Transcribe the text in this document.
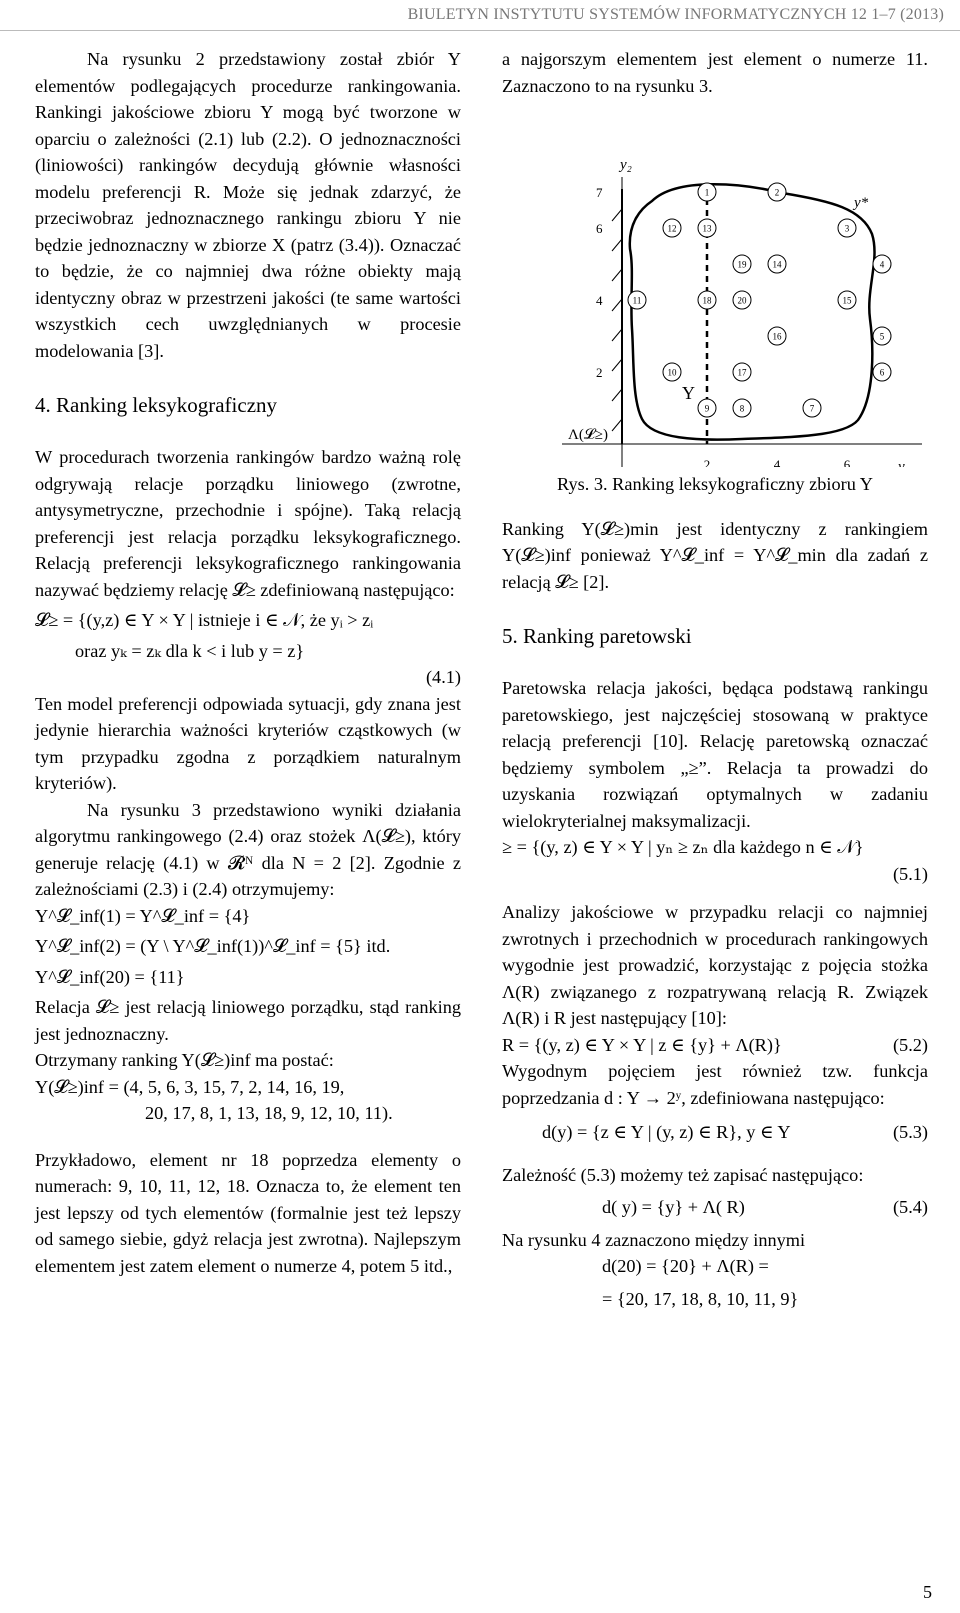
BIULETYN INSTYTUTU SYSTEMÓW INFORMATYCZNYCH 12 1–7 (2013)

Na rysunku 2 przedstawiony został zbiór Y elementów podlegających procedurze rankingowania. Rankingi jakościowe zbioru Y mogą być tworzone w oparciu o zależności (2.1) lub (2.2). O jednoznaczności (liniowości) rankingów decydują głównie własności modelu preferencji R. Może się jednak zdarzyć, że przeciwobraz jednoznacznego rankingu zbioru Y nie będzie jednoznaczny w zbiorze X (patrz (3.4)). Oznaczać to będzie, że co najmniej dwa różne obiekty mają identyczny obraz w przestrzeni jakości (te same wartości wszystkich cech uwzględnianych w procesie modelowania [3].

4. Ranking leksykograficzny

W procedurach tworzenia rankingów bardzo ważną rolę odgrywają relacje porządku liniowego (zwrotne, antysymetryczne, przechodnie i spójne). Taką relacją preferencji jest relacja porządku leksykograficznego. Relacją preferencji leksykograficznego rankingowania nazywać będziemy relację 𝓛≥ zdefiniowaną następująco:

𝓛≥ = {(y,z) ∈ Y × Y | istnieje i ∈ 𝒩, że yᵢ > zᵢ
oraz yₖ = zₖ dla k < i lub y = z}
(4.1)

Ten model preferencji odpowiada sytuacji, gdy znana jest jedynie hierarchia ważności kryteriów cząstkowych (w tym przypadku zgodna z porządkiem naturalnym kryteriów).

Na rysunku 3 przedstawiono wyniki działania algorytmu rankingowego (2.4) oraz stożek Λ(𝓛≥), który generuje relację (4.1) w 𝓡ᴺ dla N = 2 [2]. Zgodnie z zależnościami (2.3) i (2.4) otrzymujemy:

Y^𝓛_inf(1) = Y^𝓛_inf = {4}
Y^𝓛_inf(2) = (Y \ Y^𝓛_inf(1))^𝓛_inf = {5} itd.
Y^𝓛_inf(20) = {11}

Relacja 𝓛≥ jest relacją liniowego porządku, stąd ranking jest jednoznaczny.

Otrzymany ranking Y(𝓛≥)inf ma postać:

Y(𝓛≥)inf = (4, 5, 6, 3, 15, 7, 2, 14, 16, 19,
20, 17, 8, 1, 13, 18, 9, 12, 10, 11).

Przykładowo, element nr 18 poprzedza elementy o numerach: 9, 10, 11, 12, 18. Oznacza to, że element ten jest lepszy od tych elementów (formalnie jest też lepszy od samego siebie, gdyż relacja jest zwrotna). Najlepszym elementem jest zatem element o numerze 4, potem 5 itd.,

a najgorszym elementem jest element o numerze 11. Zaznaczono to na rysunku 3.

7
6
4
2
2	4	6
Y
y*
y₂
y₁
Λ(𝓛≥)
1	2
12	13	3
19	14	4
11	18	20	15
16	5
10	17	6
9	8	7
Rys. 3. Ranking leksykograficzny zbioru Y

Ranking Y(𝓛≥)min jest identyczny z rankingiem Y(𝓛≥)inf ponieważ Y^𝓛_inf = Y^𝓛_min dla zadań z relacją 𝓛≥ [2].

5. Ranking paretowski

Paretowska relacja jakości, będąca podstawą rankingu paretowskiego, jest najczęściej stosowaną w praktyce relacją preferencji [10]. Relację paretowską oznaczać będziemy symbolem „≥”. Relacja ta prowadzi do uzyskania rozwiązań optymalnych w zadaniu wielokryterialnej maksymalizacji.

≥ = {(y, z) ∈ Y × Y | yₙ ≥ zₙ dla każdego n ∈ 𝒩}
(5.1)

Analizy jakościowe w przypadku relacji co najmniej zwrotnych i przechodnich w procedurach rankingowych wygodnie jest prowadzić, korzystając z pojęcia stożka Λ(R) związanego z rozpatrywaną relacją R. Związek Λ(R) i R jest następujący [10]:

R = {(y, z) ∈ Y × Y | z ∈ {y} + Λ(R)}	(5.2)

Wygodnym pojęciem jest również tzw. funkcja poprzedzania d : Y → 2ʸ, zdefiniowana następująco:

d(y) = {z ∈ Y | (y, z) ∈ R}, y ∈ Y	(5.3)

Zależność (5.3) możemy też zapisać następująco:

d( y) = {y} + Λ( R)	(5.4)

Na rysunku 4 zaznaczono między innymi

d(20) = {20} + Λ(R) =
= {20, 17, 18, 8, 10, 11, 9}
5
